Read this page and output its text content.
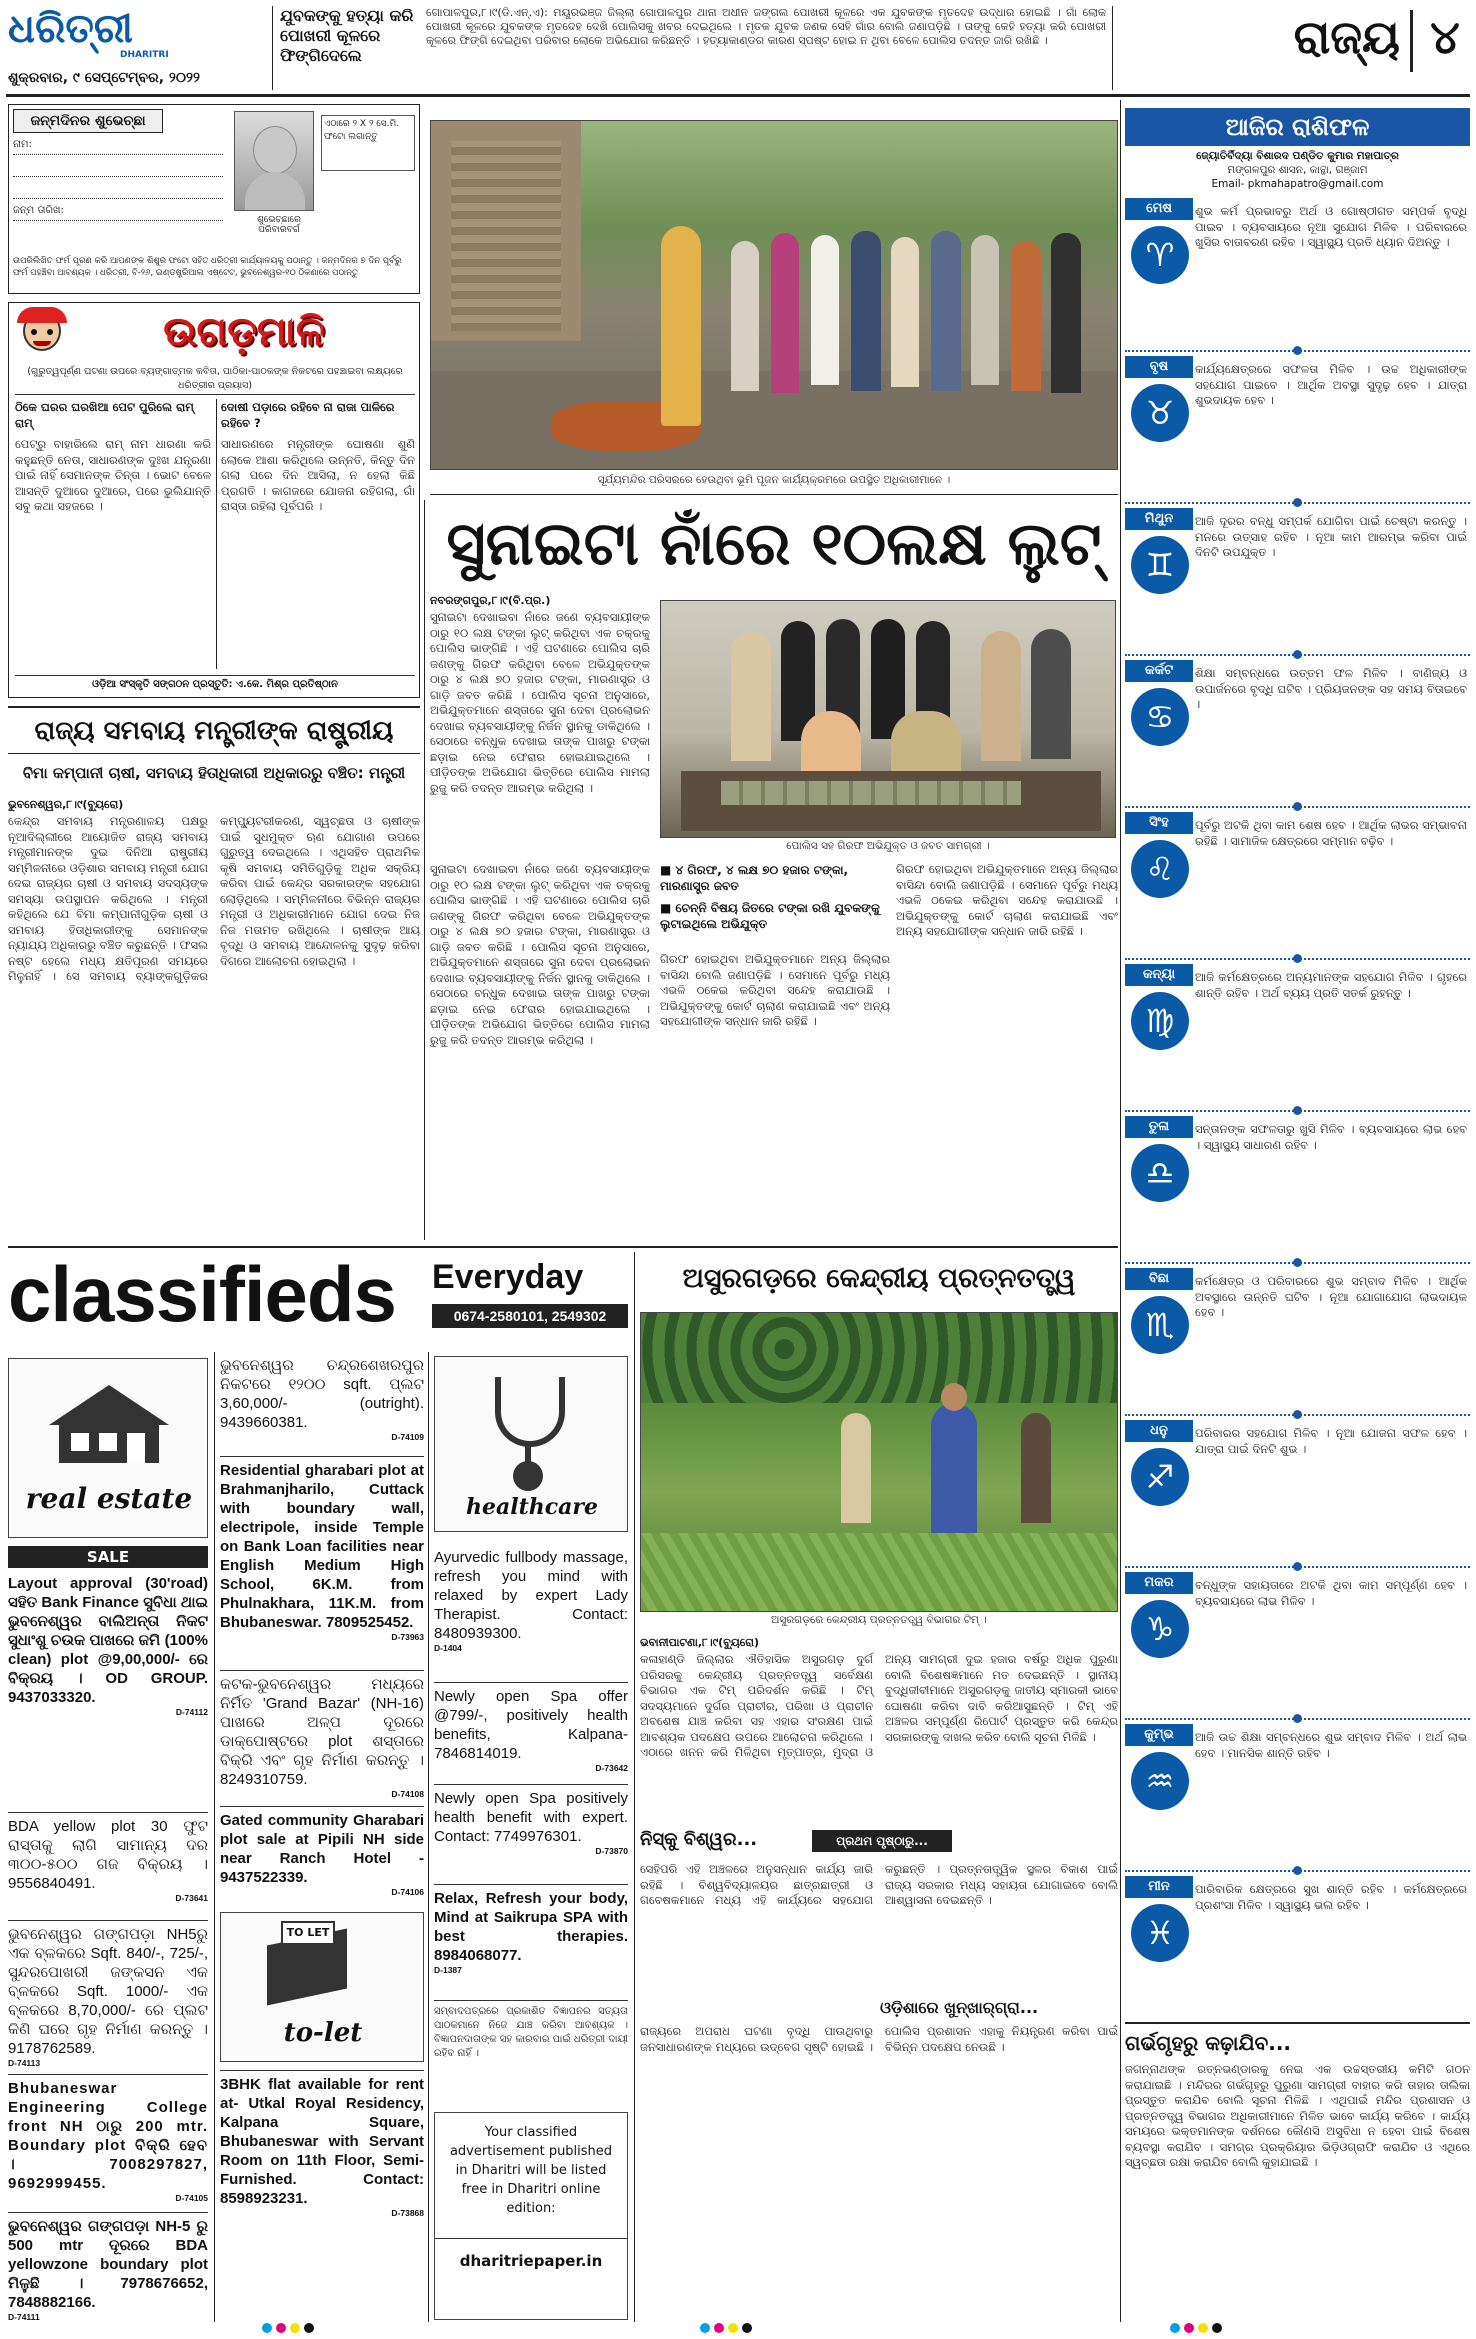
ଧରିତ୍ରୀ
DHARITRI
ଶୁକ୍ରବାର, ୯ ସେପ୍ଟେମ୍ବର, ୨୦୨୨
ଯୁବକଙ୍କୁ ହତ୍ୟା କରି ପୋଖରୀ କୂଳରେ ଫିଙ୍ଗିଦେଲେ
ଗୋପାଳପୁର,୮।୯(ଡି.ଏନ୍.ଏ): ମୟୂରଭଞ୍ଜ ଜିଲ୍ଲା ଗୋପାଳପୁର ଥାନା ଅଧୀନ ଜଙ୍ଗଲ ପୋଖରୀ କୂଳରେ ଏକ ଯୁବକଙ୍କ ମୃତଦେହ ଉଦ୍ଧାର ହୋଇଛି । ଗାଁ ଲୋକ ପୋଖରୀ କୂଳରେ ଯୁବକଙ୍କ ମୃତଦେହ ଦେଖି ପୋଲିସକୁ ଖବର ଦେଇଥିଲେ । ମୃତକ ଯୁବକ ଜଣକ ସେହି ଗାଁର ବୋଲି ଜଣାପଡ଼ିଛି । ତାଙ୍କୁ କେହି ହତ୍ୟା କରି ପୋଖରୀ କୂଳରେ ଫିଙ୍ଗି ଦେଇଥିବା ପରିବାର ଲୋକେ ଅଭିଯୋଗ କରିଛନ୍ତି । ହତ୍ୟାକାଣ୍ଡର କାରଣ ସ୍ପଷ୍ଟ ହୋଇ ନ ଥିବା ବେଳେ ପୋଲିସ ତଦନ୍ତ ଜାରି ରଖିଛି ।	ରାଜ୍ୟ ୪
ଜନ୍ମଦିନର ଶୁଭେଚ୍ଛା
ନାମ:
ଜନ୍ମ ତାରିଖ:
ଏଠାରେ ୨ X ୨ ସେ.ମି. ଫଟୋ ଲଗାନ୍ତୁ
ଶୁଭେଚ୍ଛାରେ ପରିବାରବର୍ଗ
ଉପରିଲିଖିତ ଫର୍ମ ପୂରଣ କରି ଆପଣଙ୍କ ଶିଶୁର ଫଟୋ ସହିତ ଧରିତ୍ରୀ କାର୍ଯ୍ୟାଳୟକୁ ପଠାନ୍ତୁ । ଜନ୍ମଦିନର ୭ ଦିନ ପୂର୍ବରୁ ଫର୍ମ ପହଞ୍ଚିବା ଆବଶ୍ୟକ । ଧରିତ୍ରୀ, ବି-୨୬, ଇଣ୍ଡଷ୍ଟ୍ରିଆଲ ଏଷ୍ଟେଟ, ଭୁବନେଶ୍ୱର-୧୦ ଠିକଣାରେ ପଠାନ୍ତୁ
ଉଗଡ଼ମାଳି
(ଗୁରୁତ୍ୱପୂର୍ଣ୍ଣ ଘଟଣା ଉପରେ ବ୍ୟଙ୍ଗାତ୍ମକ କବିତା, ପାଠିକା-ପାଠକଙ୍କ ନିକଟରେ ପହଞ୍ଚାଇବା ଲକ୍ଷ୍ୟରେ ଧରିତ୍ରୀର ପ୍ରୟାସ)
ଠିକେ ଘରର ଘରଖିଆ ପେଟ ପୁରିଲେ ରାମ୍ ରାମ୍
ପେଟ୍‌ରୁ ବାହାରିଲେ ରାମ୍ ନାମ ଧାରଣା କରି କହୁଛନ୍ତି ନେତା, ସାଧାରଣଙ୍କ ଦୁଃଖ ଯନ୍ତ୍ରଣା ପାଇଁ ନାହିଁ ସେମାନଙ୍କ ଚିନ୍ତା । ଭୋଟ ବେଳେ ଆସନ୍ତି ଦୁଆରେ ଦୁଆରେ, ପରେ ଭୁଲିଯାନ୍ତି ସବୁ କଥା ସହଜରେ ।
ଦୋଷୀ ପଡ଼ାରେ ରହିବେ ନା ରାଜା ପାଳିରେ ରହିବେ ?
ସାଧାରଣରେ ମନ୍ତ୍ରୀଙ୍କ ଘୋଷଣା ଶୁଣି ଲୋକେ ଆଶା କରିଥିଲେ ଉନ୍ନତି, କିନ୍ତୁ ଦିନ ଗଲା ପରେ ଦିନ ଆସିଲା, ନ ହେଲା କିଛି ପ୍ରଗତି । କାଗଜରେ ଯୋଜନା ରହିଗଲା, ଗାଁ ରାସ୍ତା ରହିଲା ପୂର୍ବପରି ।
ଓଡ଼ିଆ ସଂସ୍କୃତି ସଙ୍ଗଠନ ପ୍ରସ୍ତୁତି: ଏ.କେ. ମିଶ୍ର ପ୍ରତିଷ୍ଠାନ
ସୂର୍ଯ୍ୟମନ୍ଦିର ପରିସରରେ ହେଉଥିବା ଭୂମି ପୂଜନ କାର୍ଯ୍ୟକ୍ରମରେ ଉପସ୍ଥିତ ଅଧିକାରୀମାନେ ।
ରାଜ୍ୟ ସମବାୟ ମନ୍ତ୍ରୀଙ୍କ ରାଷ୍ଟ୍ରୀୟ
ବିମା କମ୍ପାନୀ ଚାଷୀ, ସମବାୟ ହିତାଧିକାରୀ ଅଧିକାରରୁ ବଞ୍ଚିତ: ମନ୍ତ୍ରୀ
ଭୁବନେଶ୍ୱର,୮।୯(ବ୍ୟୁରୋ)
କେନ୍ଦ୍ର ସମବାୟ ମନ୍ତ୍ରଣାଳୟ ପକ୍ଷରୁ ନୂଆଦିଲ୍ଲୀରେ ଆୟୋଜିତ ରାଜ୍ୟ ସମବାୟ ମନ୍ତ୍ରୀମାନଙ୍କ ଦୁଇ ଦିନିଆ ରାଷ୍ଟ୍ରୀୟ ସମ୍ମିଳନୀରେ ଓଡ଼ିଶାର ସମବାୟ ମନ୍ତ୍ରୀ ଯୋଗ ଦେଇ ରାଜ୍ୟର ଚାଷୀ ଓ ସମବାୟ ସଦସ୍ୟଙ୍କ ସମସ୍ୟା ଉପସ୍ଥାପନ କରିଥିଲେ । ମନ୍ତ୍ରୀ କହିଥିଲେ ଯେ ବିମା କମ୍ପାନୀଗୁଡ଼ିକ ଚାଷୀ ଓ ସମବାୟ ହିତାଧିକାରୀଙ୍କୁ ସେମାନଙ୍କ ନ୍ୟାଯ୍ୟ ଅଧିକାରରୁ ବଞ୍ଚିତ କରୁଛନ୍ତି । ଫସଲ ନଷ୍ଟ ହେଲେ ମଧ୍ୟ କ୍ଷତିପୂରଣ ସମୟରେ ମିଳୁନାହିଁ । ସେ ସମବାୟ ବ୍ୟାଙ୍କଗୁଡ଼ିକର କମ୍ପ୍ୟୁଟରୀକରଣ, ସ୍ୱଚ୍ଛତା ଓ ଚାଷୀଙ୍କ ପାଇଁ ସୁଧମୁକ୍ତ ଋଣ ଯୋଗାଣ ଉପରେ ଗୁରୁତ୍ୱ ଦେଇଥିଲେ । ଏଥିସହିତ ପ୍ରାଥମିକ କୃଷି ସମବାୟ ସମିତିଗୁଡ଼ିକୁ ଅଧିକ ସକ୍ରିୟ କରିବା ପାଇଁ କେନ୍ଦ୍ର ସରକାରଙ୍କ ସହଯୋଗ ଲୋଡ଼ିଥିଲେ । ସମ୍ମିଳନୀରେ ବିଭିନ୍ନ ରାଜ୍ୟର ମନ୍ତ୍ରୀ ଓ ଅଧିକାରୀମାନେ ଯୋଗ ଦେଇ ନିଜ ନିଜ ମତାମତ ରଖିଥିଲେ । ଚାଷୀଙ୍କ ଆୟ ବୃଦ୍ଧି ଓ ସମବାୟ ଆନ୍ଦୋଳନକୁ ସୁଦୃଢ଼ କରିବା ଦିଗରେ ଆଲୋଚନା ହୋଇଥିଲା ।
ସୁନାଇଟା ନାଁରେ ୧୦ଲକ୍ଷ ଲୁଟ୍
ନବରଙ୍ଗପୁର,୮।୯(ବି.ପ୍ର.)
ସୁନାଇଟା ଦେଖାଇବା ନାଁରେ ଜଣେ ବ୍ୟବସାୟୀଙ୍କ ଠାରୁ ୧୦ ଲକ୍ଷ ଟଙ୍କା ଲୁଟ୍ କରିଥିବା ଏକ ଚକ୍ରକୁ ପୋଲିସ ଭାଙ୍ଗିଛି । ଏହି ଘଟଣାରେ ପୋଲିସ ଚାରି ଜଣଙ୍କୁ ଗିରଫ କରିଥିବା ବେଳେ ଅଭିଯୁକ୍ତଙ୍କ ଠାରୁ ୪ ଲକ୍ଷ ୭୦ ହଜାର ଟଙ୍କା, ମାରଣାସ୍ତ୍ର ଓ ଗାଡ଼ି ଜବତ କରିଛି । ପୋଲିସ ସୂଚନା ଅନୁସାରେ, ଅଭିଯୁକ୍ତମାନେ ଶସ୍ତାରେ ସୁନା ଦେବା ପ୍ରଲୋଭନ ଦେଖାଇ ବ୍ୟବସାୟୀଙ୍କୁ ନିର୍ଜନ ସ୍ଥାନକୁ ଡାକିଥିଲେ । ସେଠାରେ ବନ୍ଧୁକ ଦେଖାଇ ତାଙ୍କ ପାଖରୁ ଟଙ୍କା ଛଡ଼ାଇ ନେଇ ଫେରାର ହୋଇଯାଇଥିଲେ । ପୀଡ଼ିତଙ୍କ ଅଭିଯୋଗ ଭିତ୍ତିରେ ପୋଲିସ ମାମଲା ରୁଜୁ କରି ତଦନ୍ତ ଆରମ୍ଭ କରିଥିଲା ।
ପୋଲିସ ସହ ଗିରଫ ଅଭିଯୁକ୍ତ ଓ ଜବତ ସାମଗ୍ରୀ ।
■ ୪ ଗିରଫ, ୪ ଲକ୍ଷ ୭୦ ହଜାର ଟଙ୍କା, ମାରଣାସ୍ତ୍ର ଜବତ
■ ଚେନ୍ନି ବିଷୟ ଜିତରେ ଟଙ୍କା ରଖି ଯୁବକଙ୍କୁ ଲୁଟାଇଥିଲେ ଅଭିଯୁକ୍ତ
ଗିରଫ ହୋଇଥିବା ଅଭିଯୁକ୍ତମାନେ ଅନ୍ୟ ଜିଲ୍ଲାର ବାସିନ୍ଦା ବୋଲି ଜଣାପଡ଼ିଛି । ସେମାନେ ପୂର୍ବରୁ ମଧ୍ୟ ଏଭଳି ଠକେଇ କରିଥିବା ସନ୍ଦେହ କରାଯାଉଛି । ଅଭିଯୁକ୍ତଙ୍କୁ କୋର୍ଟ ଚାଲାଣ କରାଯାଇଛି ଏବଂ ଅନ୍ୟ ସହଯୋଗୀଙ୍କ ସନ୍ଧାନ ଜାରି ରହିଛି ।
ଗିରଫ ହୋଇଥିବା ଅଭିଯୁକ୍ତମାନେ ଅନ୍ୟ ଜିଲ୍ଲାର ବାସିନ୍ଦା ବୋଲି ଜଣାପଡ଼ିଛି । ସେମାନେ ପୂର୍ବରୁ ମଧ୍ୟ ଏଭଳି ଠକେଇ କରିଥିବା ସନ୍ଦେହ କରାଯାଉଛି । ଅଭିଯୁକ୍ତଙ୍କୁ କୋର୍ଟ ଚାଲାଣ କରାଯାଇଛି ଏବଂ ଅନ୍ୟ ସହଯୋଗୀଙ୍କ ସନ୍ଧାନ ଜାରି ରହିଛି ।
ସୁନାଇଟା ଦେଖାଇବା ନାଁରେ ଜଣେ ବ୍ୟବସାୟୀଙ୍କ ଠାରୁ ୧୦ ଲକ୍ଷ ଟଙ୍କା ଲୁଟ୍ କରିଥିବା ଏକ ଚକ୍ରକୁ ପୋଲିସ ଭାଙ୍ଗିଛି । ଏହି ଘଟଣାରେ ପୋଲିସ ଚାରି ଜଣଙ୍କୁ ଗିରଫ କରିଥିବା ବେଳେ ଅଭିଯୁକ୍ତଙ୍କ ଠାରୁ ୪ ଲକ୍ଷ ୭୦ ହଜାର ଟଙ୍କା, ମାରଣାସ୍ତ୍ର ଓ ଗାଡ଼ି ଜବତ କରିଛି । ପୋଲିସ ସୂଚନା ଅନୁସାରେ, ଅଭିଯୁକ୍ତମାନେ ଶସ୍ତାରେ ସୁନା ଦେବା ପ୍ରଲୋଭନ ଦେଖାଇ ବ୍ୟବସାୟୀଙ୍କୁ ନିର୍ଜନ ସ୍ଥାନକୁ ଡାକିଥିଲେ । ସେଠାରେ ବନ୍ଧୁକ ଦେଖାଇ ତାଙ୍କ ପାଖରୁ ଟଙ୍କା ଛଡ଼ାଇ ନେଇ ଫେରାର ହୋଇଯାଇଥିଲେ । ପୀଡ଼ିତଙ୍କ ଅଭିଯୋଗ ଭିତ୍ତିରେ ପୋଲିସ ମାମଲା ରୁଜୁ କରି ତଦନ୍ତ ଆରମ୍ଭ କରିଥିଲା ।
classifieds	Everyday
0674-2580101, 2549302
real estate
SALE
Layout approval (30'road) ସହିତ Bank Finance ସୁବିଧା ଥାଇ ଭୁବନେଶ୍ୱର ବାଲିଅନ୍ତା ନିକଟ ସୁଧାଂଶୁ ଚଉକ ପାଖରେ ଜମି (100% clean) plot @9,00,000/- ରେ ବିକ୍ରୟ । OD GROUP. 9437033320.
D-74112
BDA yellow plot 30 ଫୁଟ ରାସ୍ତାକୁ ଲାଗି ସାମାନ୍ୟ ଦର ୩୦୦-୫୦୦ ଗଜ ବିକ୍ରୟ । 9556840491.
D-73641
ଭୁବନେଶ୍ୱର ଗଙ୍ଗପଡ଼ା NH5ରୁ ଏକ ବ୍ଳକରେ Sqft. 840/-, 725/-, ସୁନ୍ଦରପୋଖରୀ ଜଙ୍କସନ ଏକ ବ୍ଳକରେ Sqft. 1000/- ଏକ ବ୍ଳକରେ 8,70,000/- ରେ ପ୍ଲଟ କିଣି ଘରେ ଗୃହ ନିର୍ମାଣ କରନ୍ତୁ । 9178762589.
D-74113
Bhubaneswar Engineering College front NH ଠାରୁ 200 mtr. Boundary plot ବିକ୍ରି ହେବ । 7008297827, 9692999455.
D-74105
ଭୁବନେଶ୍ୱର ଗଙ୍ଗପଡ଼ା NH-5 ରୁ 500 mtr ଦୂରରେ BDA yellowzone boundary plot ମିଳୁଛି । 7978676652, 7848882166.
D-74111
ଭୁବନେଶ୍ୱର ଚନ୍ଦ୍ରଶେଖରପୁର ନିକଟରେ ୧୨୦୦ sqft. ପ୍ଲଟ 3,60,000/- (outright). 9439660381.
D-74109
Residential gharabari plot at Brahmanjharilo, Cuttack with boundary wall, electripole, inside Temple on Bank Loan facilities near English Medium High School, 6K.M. from Phulnakhara, 11K.M. from Bhubaneswar. 7809525452.
D-73963
କଟକ-ଭୁବନେଶ୍ୱର ମଧ୍ୟରେ ନିର୍ମିତ 'Grand Bazar' (NH-16) ପାଖରେ ଅଳ୍ପ ଦୂରରେ ଡାକ୍‌ପୋଷ୍ଟରେ plot ଶସ୍ତାରେ ବିକ୍ରି ଏବଂ ଗୃହ ନିର୍ମାଣ କରନ୍ତୁ । 8249310759.
D-74108
Gated community Gharabari plot sale at Pipili NH side near Ranch Hotel - 9437522339.
D-74106
TO LET
to-let
3BHK flat available for rent at- Utkal Royal Residency, Kalpana Square, Bhubaneswar with Servant Room on 11th Floor, Semi-Furnished. Contact: 8598923231.
D-73868
healthcare
Ayurvedic fullbody massage, refresh you mind with relaxed by expert Lady Therapist. Contact: 8480939300.
D-1404
Newly open Spa offer @799/-, positively health benefits, Kalpana-7846814019.
D-73642
Newly open Spa positively health benefit with expert. Contact: 7749976301.
D-73870
Relax, Refresh your body, Mind at Saikrupa SPA with best therapies. 8984068077.
D-1387
ସମ୍ବାଦପତ୍ରରେ ପ୍ରକାଶିତ ବିଜ୍ଞାପନର ସତ୍ୟତା ପାଠକମାନେ ନିଜେ ଯାଞ୍ଚ କରିବା ଆବଶ୍ୟକ । ବିଜ୍ଞାପନଦାତାଙ୍କ ସହ କାରବାର ପାଇଁ ଧରିତ୍ରୀ ଦାୟୀ ରହିବ ନାହିଁ ।
Your classified
advertisement published
in Dharitri will be listed
free in Dharitri online
edition:
dharitriepaper.in
ଅସୁରଗଡ଼ରେ କେନ୍ଦ୍ରୀୟ ପ୍ରତ୍ନତତ୍ତ୍ୱ
ଅସୁରଗଡ଼ରେ କେନ୍ଦ୍ରୀୟ ପ୍ରତ୍ନତତ୍ତ୍ୱ ବିଭାଗର ଟିମ୍ ।
ଭବାନୀପାଟଣା,୮।୯(ବ୍ୟୁରୋ)
କଳାହାଣ୍ଡି ଜିଲ୍ଲାର ଐତିହାସିକ ଅସୁରଗଡ଼ ଦୁର୍ଗ ପରିସରକୁ କେନ୍ଦ୍ରୀୟ ପ୍ରତ୍ନତତ୍ତ୍ୱ ସର୍ବେକ୍ଷଣ ବିଭାଗର ଏକ ଟିମ୍ ପରିଦର୍ଶନ କରିଛି । ଟିମ୍ ସଦସ୍ୟମାନେ ଦୁର୍ଗର ପ୍ରାଚୀର, ପରିଖା ଓ ପ୍ରାଚୀନ ଅବଶେଷ ଯାଞ୍ଚ କରିବା ସହ ଏହାର ସଂରକ୍ଷଣ ପାଇଁ ଆବଶ୍ୟକ ପଦକ୍ଷେପ ଉପରେ ଆଲୋଚନା କରିଥିଲେ । ଏଠାରେ ଖନନ କରି ମିଳିଥିବା ମୃତ୍ପାତ୍ର, ମୁଦ୍ରା ଓ ଅନ୍ୟ ସାମଗ୍ରୀ ଦୁଇ ହଜାର ବର୍ଷରୁ ଅଧିକ ପୁରୁଣା ବୋଲି ବିଶେଷଜ୍ଞମାନେ ମତ ଦେଇଛନ୍ତି । ସ୍ଥାନୀୟ ବୁଦ୍ଧିଜୀବୀମାନେ ଅସୁରଗଡ଼କୁ ଜାତୀୟ ସ୍ମାରକୀ ଭାବେ ଘୋଷଣା କରିବା ଦାବି କରିଆସୁଛନ୍ତି । ଟିମ୍ ଏହି ଅଞ୍ଚଳର ସମ୍ପୂର୍ଣ୍ଣ ରିପୋର୍ଟ ପ୍ରସ୍ତୁତ କରି କେନ୍ଦ୍ର ସରକାରଙ୍କୁ ଦାଖଲ କରିବ ବୋଲି ସୂଚନା ମିଳିଛି ।
ନିସ୍କୁ ବିଶ୍ୱର...	ପ୍ରଥମ ପୃଷ୍ଠାରୁ...
ସେହିପରି ଏହି ଅଞ୍ଚଳରେ ଅନୁସନ୍ଧାନ କାର୍ଯ୍ୟ ଜାରି ରହିଛି । ବିଶ୍ୱବିଦ୍ୟାଳୟର ଛାତ୍ରଛାତ୍ରୀ ଓ ଗବେଷକମାନେ ମଧ୍ୟ ଏହି କାର୍ଯ୍ୟରେ ସହଯୋଗ କରୁଛନ୍ତି । ପ୍ରତ୍ନତାତ୍ତ୍ୱିକ ସ୍ଥଳର ବିକାଶ ପାଇଁ ରାଜ୍ୟ ସରକାର ମଧ୍ୟ ସହାୟତା ଯୋଗାଇବେ ବୋଲି ଆଶ୍ୱାସନା ଦେଇଛନ୍ତି ।
ଓଡ଼ିଶାରେ ଖୁନ୍‌ଖାର୍‌ଗ୍ରା...
ରାଜ୍ୟରେ ଅପରାଧ ଘଟଣା ବୃଦ୍ଧି ପାଉଥିବାରୁ ଜନସାଧାରଣଙ୍କ ମଧ୍ୟରେ ଉଦ୍‌ବେଗ ସୃଷ୍ଟି ହୋଇଛି । ପୋଲିସ ପ୍ରଶାସନ ଏହାକୁ ନିୟନ୍ତ୍ରଣ କରିବା ପାଇଁ ବିଭିନ୍ନ ପଦକ୍ଷେପ ନେଉଛି ।
ଆଜିର ରାଶିଫଳ
ଜ୍ୟୋତିର୍ବିଦ୍ୟା ବିଶାରଦ ପଣ୍ଡିତ କୁମାର ମହାପାତ୍ର
ମଙ୍ଗଳପୁର ଶାସନ, କାନ୍ଥା, ଗଞ୍ଜାମ
Email- pkmahapatro@gmail.com
ମେଷ
♈
ଶୁଭ କର୍ମ ପ୍ରଭାବରୁ ଅର୍ଥ ଓ ଗୋଷ୍ଠୀଗତ ସମ୍ପର୍କ ବୃଦ୍ଧି ପାଇବ । ବ୍ୟବସାୟରେ ନୂଆ ସୁଯୋଗ ମିଳିବ । ପରିବାରରେ ଖୁସିର ବାତାବରଣ ରହିବ । ସ୍ୱାସ୍ଥ୍ୟ ପ୍ରତି ଧ୍ୟାନ ଦିଅନ୍ତୁ ।
ବୃଷ
♉
କାର୍ଯ୍ୟକ୍ଷେତ୍ରରେ ସଫଳତା ମିଳିବ । ଉଚ୍ଚ ଅଧିକାରୀଙ୍କ ସହଯୋଗ ପାଇବେ । ଆର୍ଥିକ ଅବସ୍ଥା ସୁଦୃଢ଼ ହେବ । ଯାତ୍ରା ଶୁଭଦାୟକ ହେବ ।
ମିଥୁନ
♊
ଆଜି ଦୂରର ବନ୍ଧୁ ସମ୍ପର୍କ ଯୋଗିବା ପାଇଁ ଚେଷ୍ଟା କରନ୍ତୁ । ମନରେ ଉତ୍ସାହ ରହିବ । ନୂଆ କାମ ଆରମ୍ଭ କରିବା ପାଇଁ ଦିନଟି ଉପଯୁକ୍ତ ।
କର୍କଟ
♋
ଶିକ୍ଷା ସମ୍ବନ୍ଧରେ ଉତ୍ତମ ଫଳ ମିଳିବ । ବାଣିଜ୍ୟ ଓ ଉପାର୍ଜନରେ ବୃଦ୍ଧି ଘଟିବ । ପ୍ରିୟଜନଙ୍କ ସହ ସମୟ ବିତାଇବେ ।
ସିଂହ
♌
ପୂର୍ବରୁ ଅଟକି ଥିବା କାମ ଶେଷ ହେବ । ଆର୍ଥିକ ଲାଭର ସମ୍ଭାବନା ରହିଛି । ସାମାଜିକ କ୍ଷେତ୍ରରେ ସମ୍ମାନ ବଢ଼ିବ ।
କନ୍ୟା
♍
ଆଜି କର୍ମକ୍ଷେତ୍ରରେ ଅନ୍ୟମାନଙ୍କ ସହଯୋଗ ମିଳିବ । ଗୃହରେ ଶାନ୍ତି ରହିବ । ଅର୍ଥ ବ୍ୟୟ ପ୍ରତି ସତର୍କ ରୁହନ୍ତୁ ।
ତୁଳା
♎
ସନ୍ତାନଙ୍କ ସଫଳତାରୁ ଖୁସି ମିଳିବ । ବ୍ୟବସାୟରେ ଲାଭ ହେବ । ସ୍ୱାସ୍ଥ୍ୟ ସାଧାରଣ ରହିବ ।
ବିଛା
♏
କର୍ମକ୍ଷେତ୍ର ଓ ପରିବାରରେ ଶୁଭ ସମ୍ବାଦ ମିଳିବ । ଆର୍ଥିକ ଅବସ୍ଥାରେ ଉନ୍ନତି ଘଟିବ । ନୂଆ ଯୋଗାଯୋଗ ଲାଭଦାୟକ ହେବ ।
ଧନୁ
♐
ପରିବାରର ସହଯୋଗ ମିଳିବ । ନୂଆ ଯୋଜନା ସଫଳ ହେବ । ଯାତ୍ରା ପାଇଁ ଦିନଟି ଶୁଭ ।
ମକର
♑
ବନ୍ଧୁଙ୍କ ସହାୟତାରେ ଅଟକି ଥିବା କାମ ସମ୍ପୂର୍ଣ୍ଣ ହେବ । ବ୍ୟବସାୟରେ ଲାଭ ମିଳିବ ।
କୁମ୍ଭ
♒
ଆଜି ଉଚ୍ଚ ଶିକ୍ଷା ସମ୍ବନ୍ଧରେ ଶୁଭ ସମ୍ବାଦ ମିଳିବ । ଅର୍ଥ ଲାଭ ହେବ । ମାନସିକ ଶାନ୍ତି ରହିବ ।
ମୀନ
♓
ପାରିବାରିକ କ୍ଷେତ୍ରରେ ସୁଖ ଶାନ୍ତି ରହିବ । କର୍ମକ୍ଷେତ୍ରରେ ପ୍ରଶଂସା ମିଳିବ । ସ୍ୱାସ୍ଥ୍ୟ ଭଲ ରହିବ ।
ଗର୍ଭଗୃହରୁ କଢ଼ାଯିବ...
ଜଗନ୍ନାଥଙ୍କ ରତ୍ନଭଣ୍ଡାରକୁ ନେଇ ଏକ ଉଚ୍ଚସ୍ତରୀୟ କମିଟି ଗଠନ କରାଯାଇଛି । ମନ୍ଦିରର ଗର୍ଭଗୃହରୁ ପୁରୁଣା ସାମଗ୍ରୀ ବାହାର କରି ତାହାର ତାଲିକା ପ୍ରସ୍ତୁତ କରାଯିବ ବୋଲି ସୂଚନା ମିଳିଛି । ଏଥିପାଇଁ ମନ୍ଦିର ପ୍ରଶାସନ ଓ ପ୍ରତ୍ନତତ୍ତ୍ୱ ବିଭାଗର ଅଧିକାରୀମାନେ ମିଳିତ ଭାବେ କାର୍ଯ୍ୟ କରିବେ । କାର୍ଯ୍ୟ ସମୟରେ ଭକ୍ତମାନଙ୍କ ଦର୍ଶନରେ କୌଣସି ଅସୁବିଧା ନ ହେବା ପାଇଁ ବିଶେଷ ବ୍ୟବସ୍ଥା କରାଯିବ । ସମଗ୍ର ପ୍ରକ୍ରିୟାର ଭିଡ଼ିଓଗ୍ରାଫି କରାଯିବ ଓ ଏଥିରେ ସ୍ୱଚ୍ଛତା ରକ୍ଷା କରାଯିବ ବୋଲି କୁହାଯାଇଛି ।
